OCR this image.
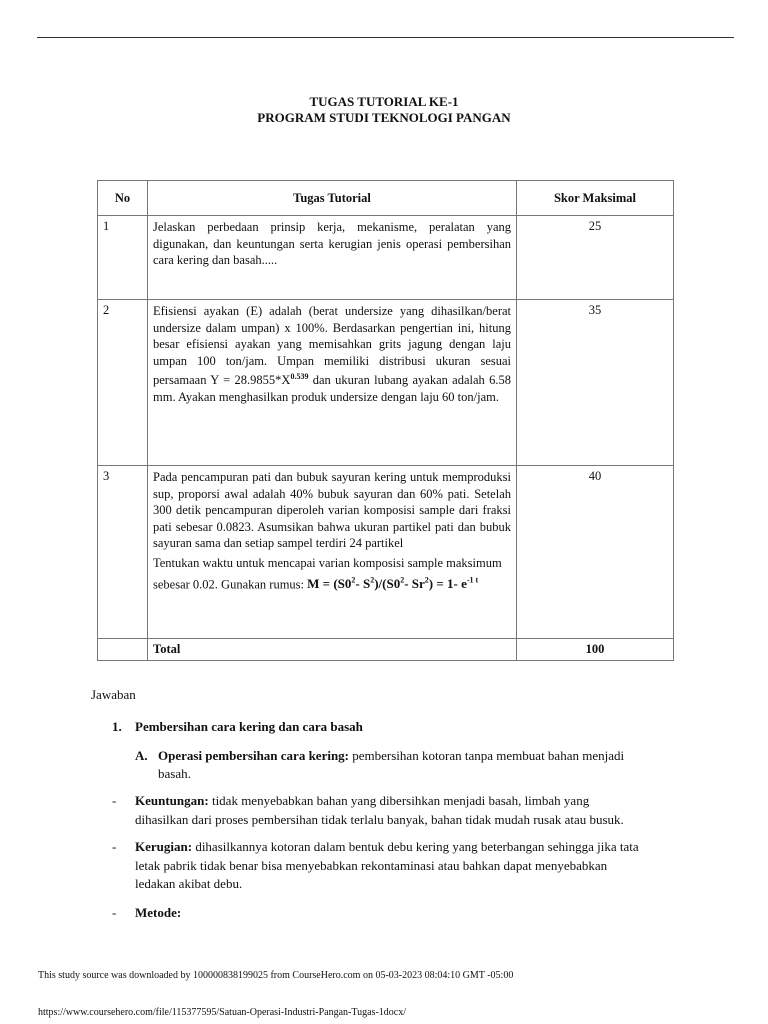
TUGAS TUTORIAL KE-1
PROGRAM STUDI TEKNOLOGI PANGAN
No	Tugas Tutorial	Skor Maksimal
1	Jelaskan perbedaan prinsip kerja, mekanisme, peralatan yang digunakan, dan keuntungan serta kerugian jenis operasi pembersihan cara kering dan basah.....	25
2	Efisiensi ayakan (E) adalah (berat undersize yang dihasilkan/berat undersize dalam umpan) x 100%. Berdasarkan pengertian ini, hitung besar efisiensi ayakan yang memisahkan grits jagung dengan laju umpan 100 ton/jam. Umpan memiliki distribusi ukuran sesuai persamaan $Y = 28.9855*X^{0.539}$ dan ukuran lubang ayakan adalah 6.58 mm. Ayakan menghasilkan produk undersize dengan laju 60 ton/jam.	35
3	Pada pencampuran pati dan bubuk sayuran kering untuk memproduksi sup, proporsi awal adalah 40% bubuk sayuran dan 60% pati. Setelah 300 detik pencampuran diperoleh varian komposisi sample dari fraksi pati sebesar 0.0823. Asumsikan bahwa ukuran partikel pati dan bubuk sayuran sama dan setiap sampel terdiri 24 partikel
Tentukan waktu untuk mencapai varian komposisi sample maksimum sebesar 0.02. Gunakan rumus: $M = (S0^2-$ $S^2)/(S0^2-$ $Sr^2) = 1-$ $e^{-1 t}$	40
	Total	100
Jawaban
1. Pembersihan cara kering dan cara basah
A. Operasi pembersihan cara kering: pembersihan kotoran tanpa membuat bahan menjadi
basah.
- Keuntungan: tidak menyebabkan bahan yang dibersihkan menjadi basah, limbah yang
dihasilkan dari proses pembersihan tidak terlalu banyak, bahan tidak mudah rusak atau busuk.
- Kerugian: dihasilkannya kotoran dalam bentuk debu kering yang beterbangan sehingga jika tata
letak pabrik tidak benar bisa menyebabkan rekontaminasi atau bahkan dapat menyebabkan
ledakan akibat debu.
- Metode:
This study source was downloaded by 100000838199025 from CourseHero.com on 05-03-2023 08:04:10 GMT -05:00
https://www.coursehero.com/file/115377595/Satuan-Operasi-Industri-Pangan-Tugas-1docx/
